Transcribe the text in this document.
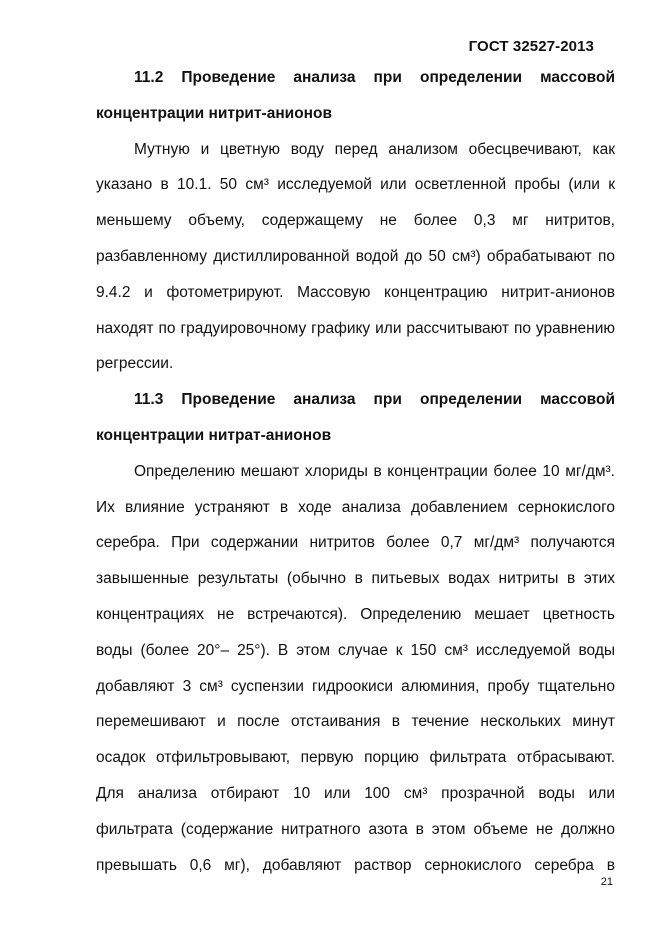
ГОСТ 32527-2013
11.2 Проведение анализа при определении массовой
концентрации нитрит-анионов
Мутную и цветную воду перед анализом обесцвечивают, как
указано в 10.1. 50 см³ исследуемой или осветленной пробы (или к
меньшему объему, содержащему не более 0,3 мг нитритов,
разбавленному дистиллированной водой до 50 см³) обрабатывают по
9.4.2 и фотометрируют. Массовую концентрацию нитрит-анионов
находят по градуировочному графику или рассчитывают по уравнению
регрессии.
11.3 Проведение анализа при определении массовой
концентрации нитрат-анионов
Определению мешают хлориды в концентрации более 10 мг/дм³.
Их влияние устраняют в ходе анализа добавлением сернокислого
серебра. При содержании нитритов более 0,7 мг/дм³ получаются
завышенные результаты (обычно в питьевых водах нитриты в этих
концентрациях не встречаются). Определению мешает цветность
воды (более 20°– 25°). В этом случае к 150 см³ исследуемой воды
добавляют 3 см³ суспензии гидроокиси алюминия, пробу тщательно
перемешивают и после отстаивания в течение нескольких минут
осадок отфильтровывают, первую порцию фильтрата отбрасывают.
Для анализа отбирают 10 или 100 см³ прозрачной воды или
фильтрата (содержание нитратного азота в этом объеме не должно
превышать 0,6 мг), добавляют раствор сернокислого серебра в
21
